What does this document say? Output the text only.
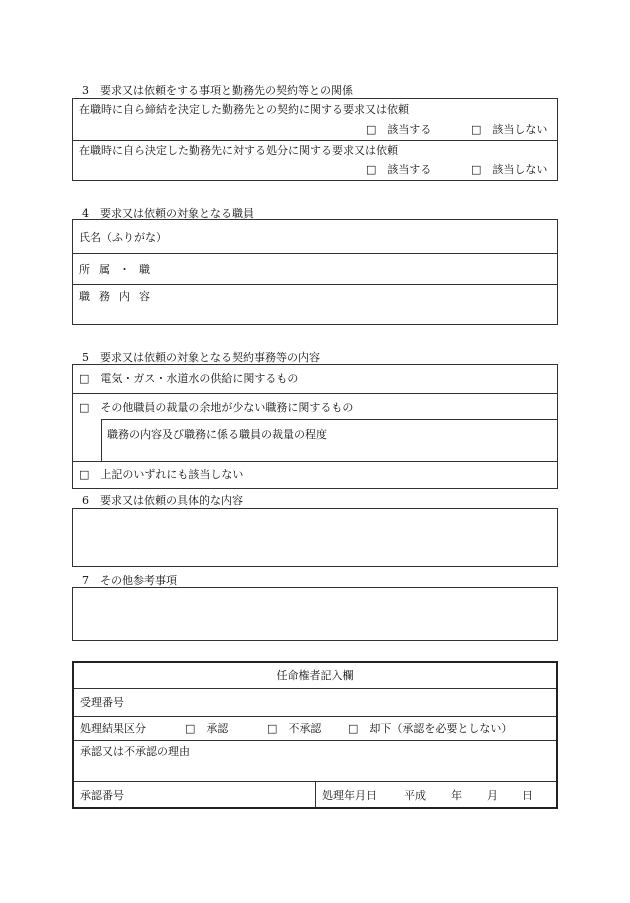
3　要求又は依頼をする事項と勤務先の契約等との関係
在職時に自ら締結を決定した勤務先との契約に関する要求又は依頼
□　該当する	□　該当しない
在職時に自ら決定した勤務先に対する処分に関する要求又は依頼
□　該当する	□　該当しない
4　要求又は依頼の対象となる職員
氏名（ふりがな）
所属・職
職務内容
5　要求又は依頼の対象となる契約事務等の内容
□　電気・ガス・水道水の供給に関するもの
□　その他職員の裁量の余地が少ない職務に関するもの
職務の内容及び職務に係る職員の裁量の程度
□　上記のいずれにも該当しない
6　要求又は依頼の具体的な内容
7　その他参考事項
任命権者記入欄
受理番号
処理結果区分	□　承認	□　不承認 □　却下（承認を必要としない）
承認又は不承認の理由
承認番号	処理年月日 平成 年 月 日
